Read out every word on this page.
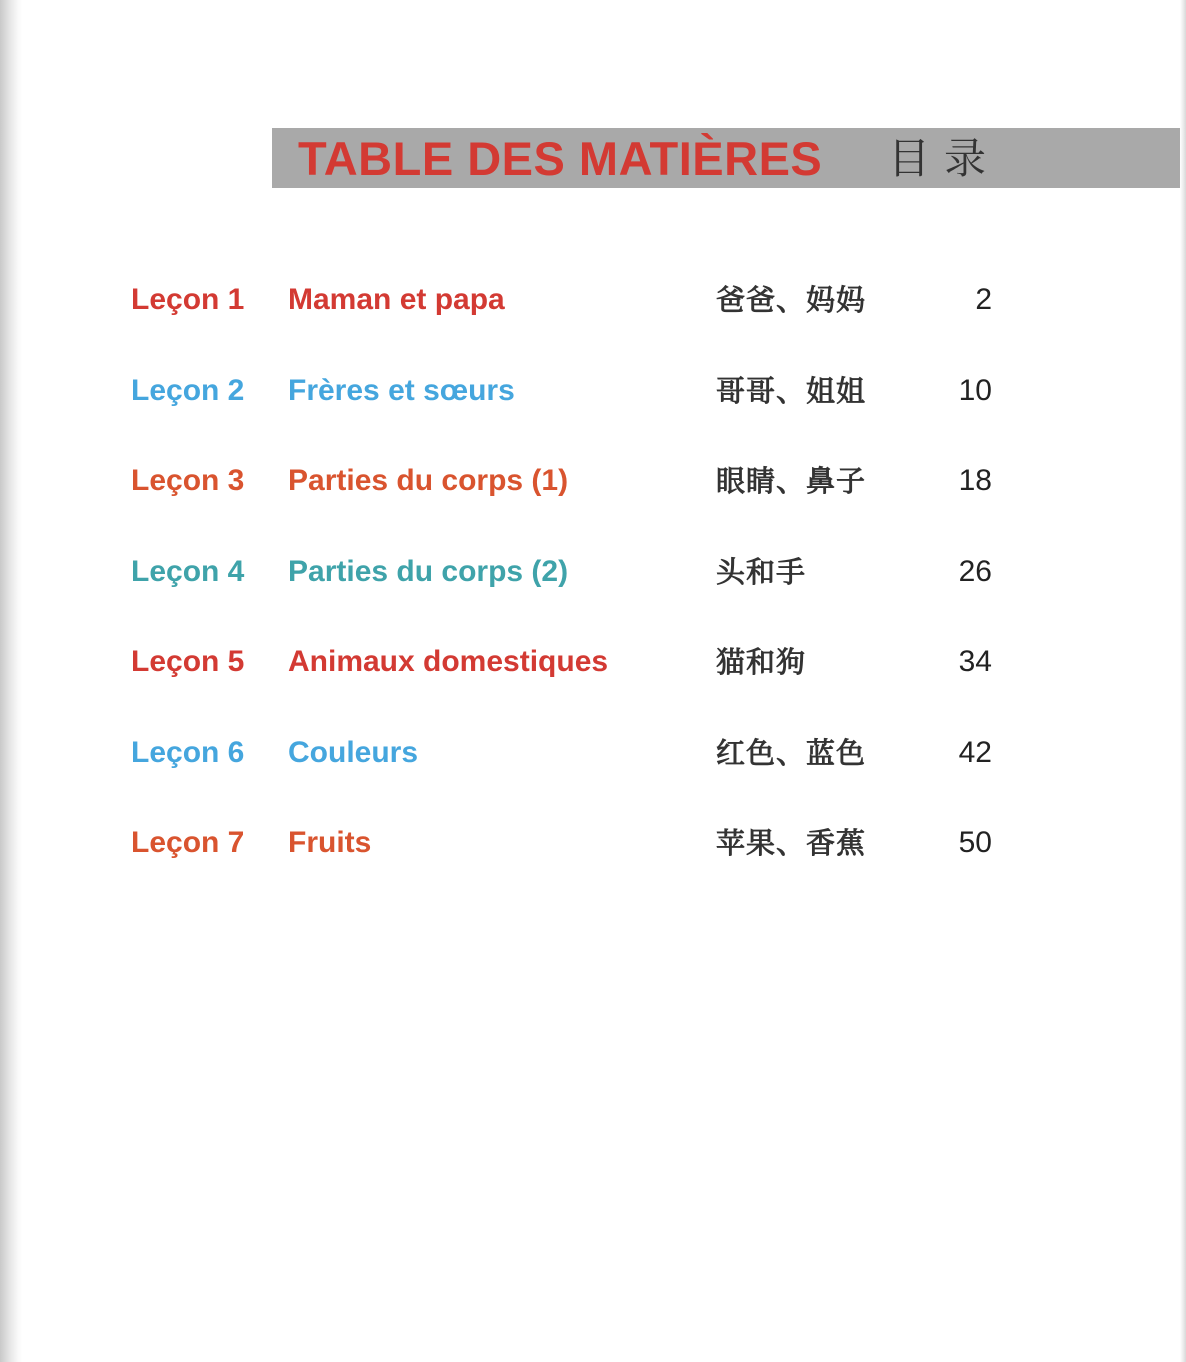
TABLE DES MATIÈRES 目录
Leçon 1 Maman et papa	爸爸、妈妈	2
Leçon 2 Frères et sœurs	哥哥、姐姐	10
Leçon 3 Parties du corps (1)	眼睛、鼻子	18
Leçon 4 Parties du corps (2)	头和手	26
Leçon 5 Animaux domestiques	猫和狗	34
Leçon 6 Couleurs	红色、蓝色	42
Leçon 7 Fruits	苹果、香蕉	50
